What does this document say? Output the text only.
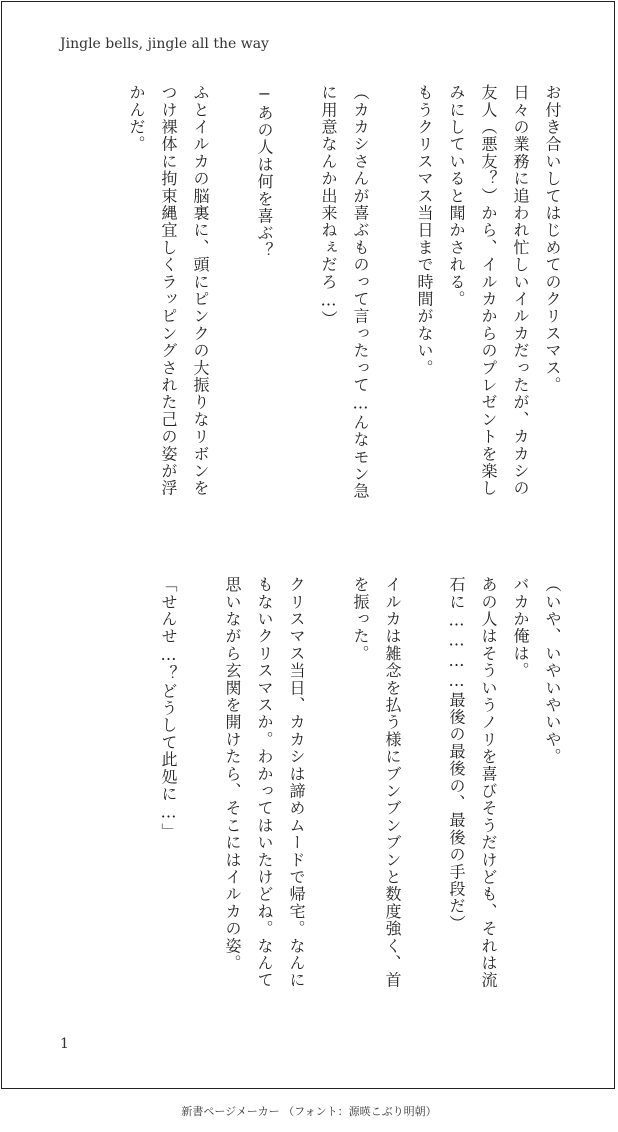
Jingle bells, jingle all the way
お付き合いしてはじめてのクリスマス。
日々の業務に追われ忙しいイルカだったが、カカシの
友人（悪友？）から、イルカからのプレゼントを楽し
みにしていると聞かされる。
もうクリスマス当日まで時間がない。
（カカシさんが喜ぶものって言ったって…んなモン急
に用意なんか出来ねぇだろ…）
−あの人は何を喜ぶ？
ふとイルカの脳裏に、頭にピンクの大振りなリボンを
つけ裸体に拘束縄宜しくラッピングされた己の姿が浮
かんだ。
（いや、いやいやいや。
バカか俺は。
あの人はそういうノリを喜びそうだけども、それは流
石に…………最後の最後の、最後の手段だ）
イルカは雑念を払う様にブンブンブンと数度強く、首
を振った。
クリスマス当日、カカシは諦めムードで帰宅。なんに
もないクリスマスか。わかってはいたけどね。なんて
思いながら玄関を開けたら、そこにはイルカの姿。
「せんせ…？どうして此処に…」
1
新書ページメーカー （フォント：源暎こぶり明朝）
